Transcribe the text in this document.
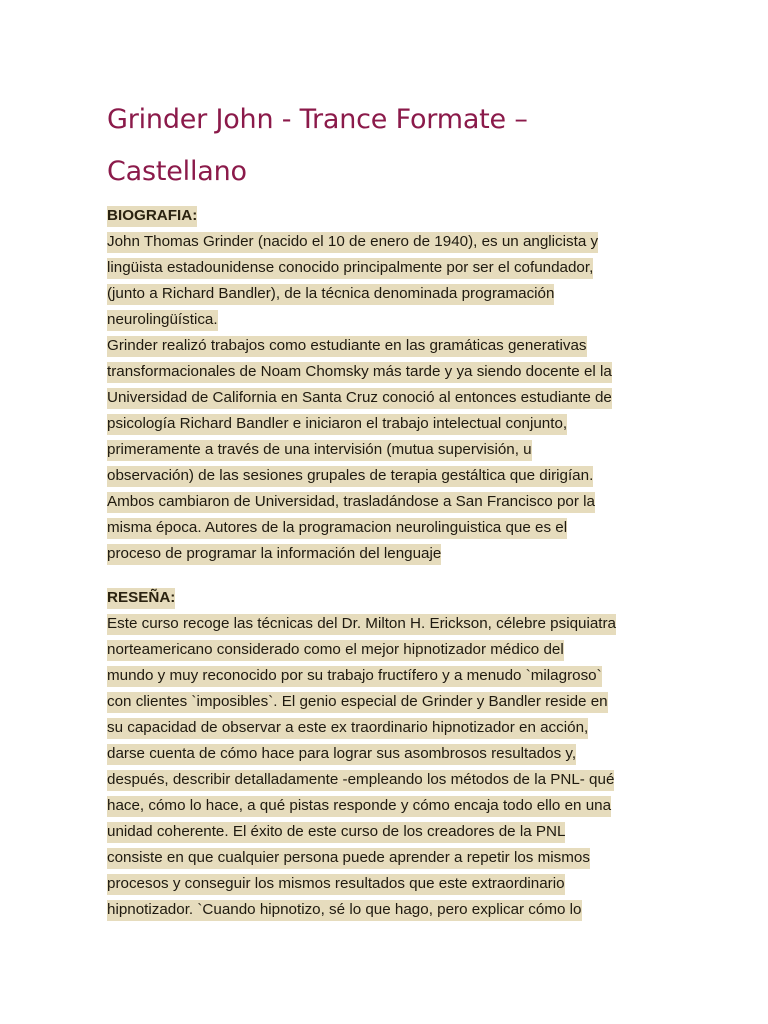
Grinder John - Trance Formate –
Castellano
BIOGRAFIA:
John Thomas Grinder (nacido el 10 de enero de 1940), es un anglicista y
lingüista estadounidense conocido principalmente por ser el cofundador,
(junto a Richard Bandler), de la técnica denominada programación
neurolingüística.
Grinder realizó trabajos como estudiante en las gramáticas generativas
transformacionales de Noam Chomsky más tarde y ya siendo docente el la
Universidad de California en Santa Cruz conoció al entonces estudiante de
psicología Richard Bandler e iniciaron el trabajo intelectual conjunto,
primeramente a través de una intervisión (mutua supervisión, u
observación) de las sesiones grupales de terapia gestáltica que dirigían.
Ambos cambiaron de Universidad, trasladándose a San Francisco por la
misma época. Autores de la programacion neurolinguistica que es el
proceso de programar la información del lenguaje
RESEÑA:
Este curso recoge las técnicas del Dr. Milton H. Erickson, célebre psiquiatra
norteamericano considerado como el mejor hipnotizador médico del
mundo y muy reconocido por su trabajo fructífero y a menudo `milagroso`
con clientes `imposibles`. El genio especial de Grinder y Bandler reside en
su capacidad de observar a este ex traordinario hipnotizador en acción,
darse cuenta de cómo hace para lograr sus asombrosos resultados y,
después, describir detalladamente -empleando los métodos de la PNL- qué
hace, cómo lo hace, a qué pistas responde y cómo encaja todo ello en una
unidad coherente. El éxito de este curso de los creadores de la PNL
consiste en que cualquier persona puede aprender a repetir los mismos
procesos y conseguir los mismos resultados que este extraordinario
hipnotizador. `Cuando hipnotizo, sé lo que hago, pero explicar cómo lo
